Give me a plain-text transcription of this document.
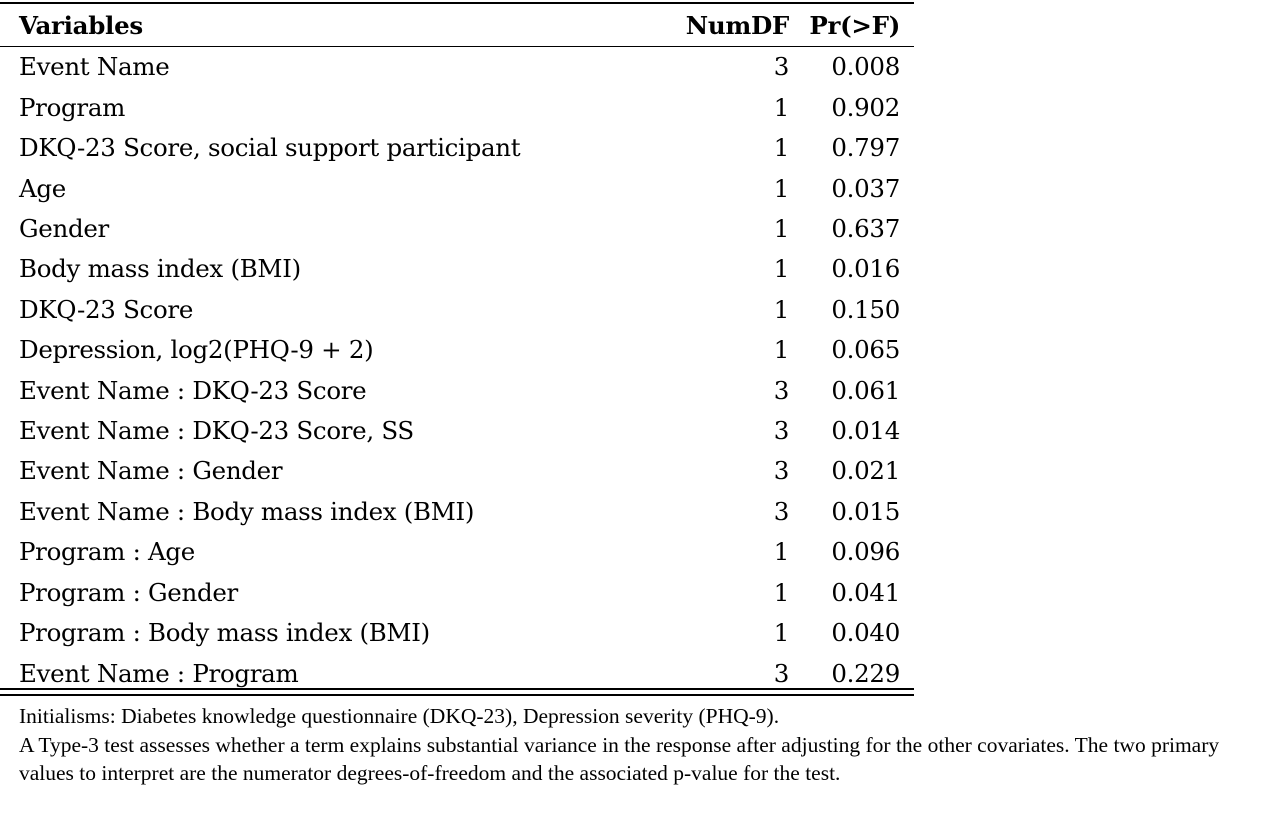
Variables	NumDF	Pr(>F)
Event Name	3	0.008
Program	1	0.902
DKQ-23 Score, social support participant	1	0.797
Age	1	0.037
Gender	1	0.637
Body mass index (BMI)	1	0.016
DKQ-23 Score	1	0.150
Depression, log2(PHQ-9 + 2)	1	0.065
Event Name : DKQ-23 Score	3	0.061
Event Name : DKQ-23 Score, SS	3	0.014
Event Name : Gender	3	0.021
Event Name : Body mass index (BMI)	3	0.015
Program : Age	1	0.096
Program : Gender	1	0.041
Program : Body mass index (BMI)	1	0.040
Event Name : Program	3	0.229

Initialisms: Diabetes knowledge questionnaire (DKQ-23), Depression severity (PHQ-9).

A Type-3 test assesses whether a term explains substantial variance in the response after adjusting for the other covariates. The two primary values to interpret are the numerator degrees-of-freedom and the associated p-value for the test.
